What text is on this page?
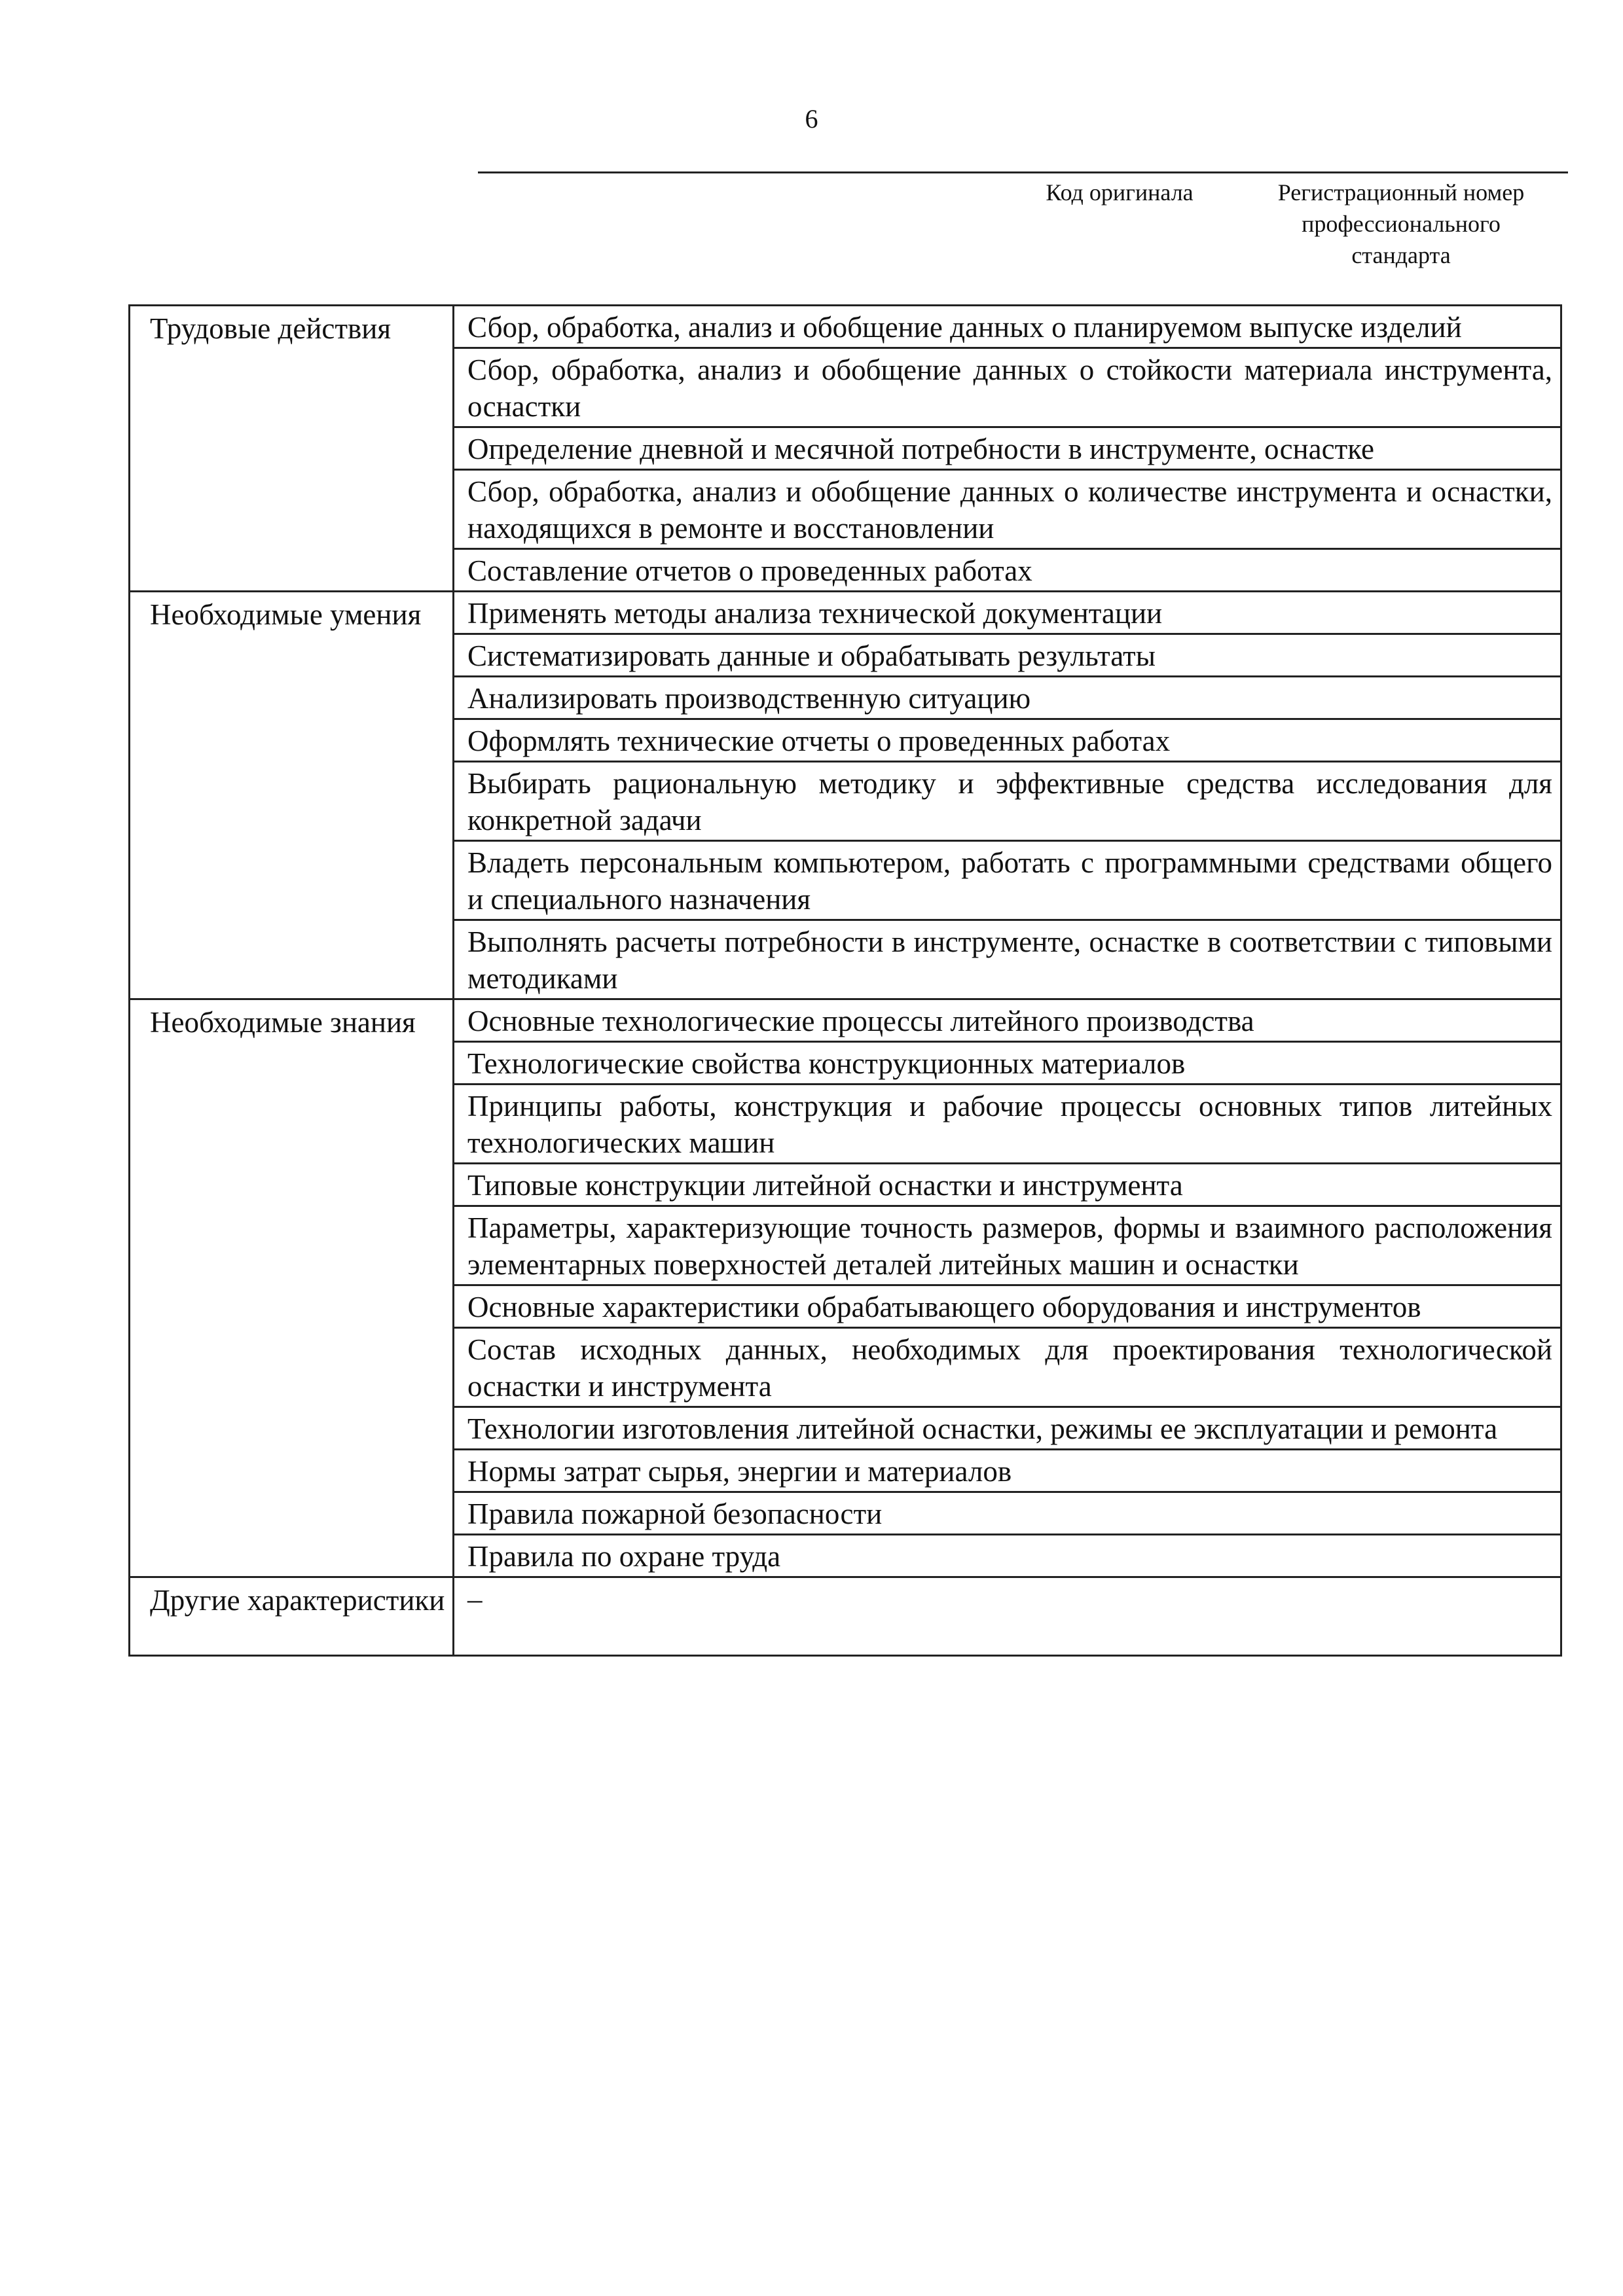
6
Код оригинала	Регистрационный номер
профессионального
стандарта
Трудовые действия	Сбор, обработка, анализ и обобщение данных о планируемом выпуске изделий
	Сбор, обработка, анализ и обобщение данных о стойкости материала инструмента, оснастки
	Определение дневной и месячной потребности в инструменте, оснастке
	Сбор, обработка, анализ и обобщение данных о количестве инструмента и оснастки, находящихся в ремонте и восстановлении
	Составление отчетов о проведенных работах
Необходимые умения	Применять методы анализа технической документации
	Систематизировать данные и обрабатывать результаты
	Анализировать производственную ситуацию
	Оформлять технические отчеты о проведенных работах
	Выбирать рациональную методику и эффективные средства исследования для конкретной задачи
	Владеть персональным компьютером, работать с программными средствами общего и специального назначения
	Выполнять расчеты потребности в инструменте, оснастке в соответствии с типовыми методиками
Необходимые знания	Основные технологические процессы литейного производства
	Технологические свойства конструкционных материалов
	Принципы работы, конструкция и рабочие процессы основных типов литейных технологических машин
	Типовые конструкции литейной оснастки и инструмента
	Параметры, характеризующие точность размеров, формы и взаимного расположения элементарных поверхностей деталей литейных машин и оснастки
	Основные характеристики обрабатывающего оборудования и инструментов
	Состав исходных данных, необходимых для проектирования технологической оснастки и инструмента
	Технологии изготовления литейной оснастки, режимы ее эксплуатации и ремонта
	Нормы затрат сырья, энергии и материалов
	Правила пожарной безопасности
	Правила по охране труда
Другие характеристики	–
